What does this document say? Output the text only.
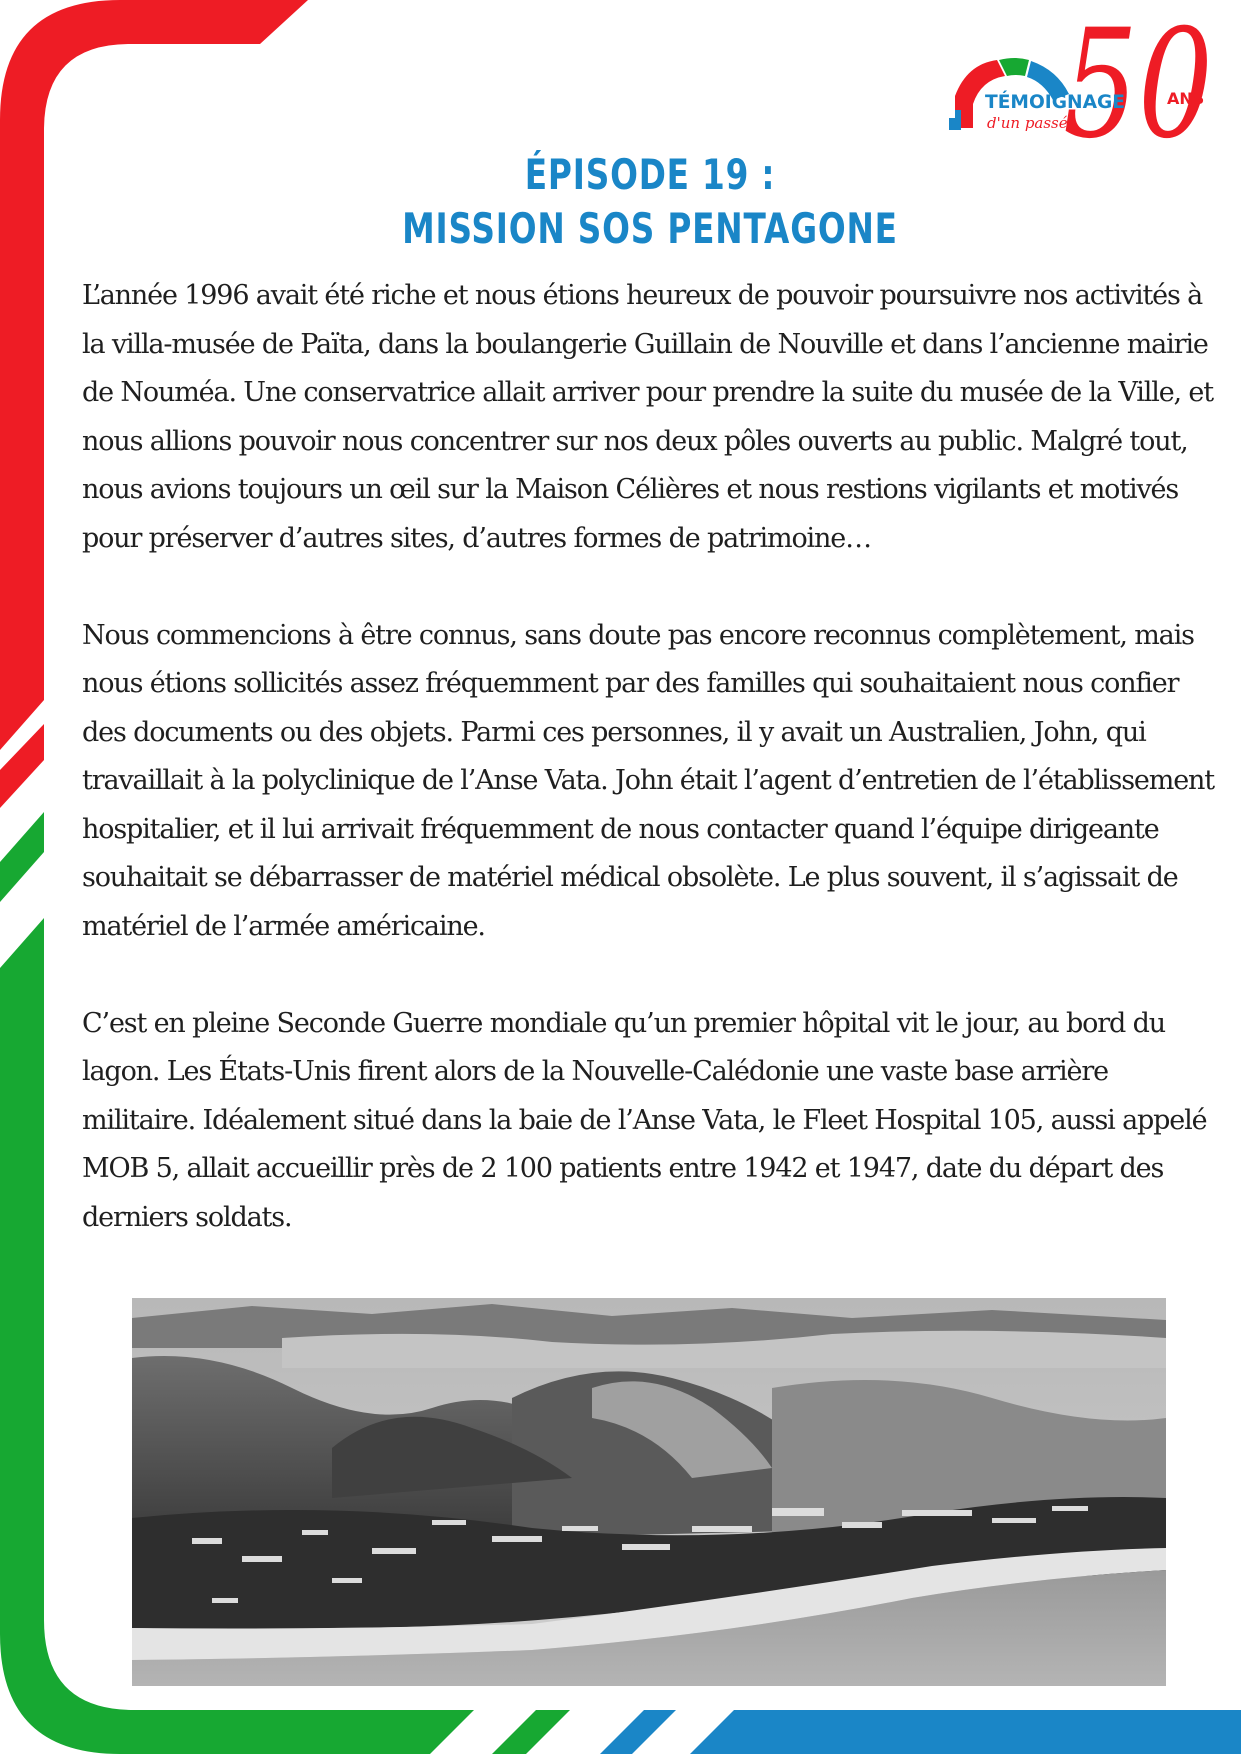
50
TÉMOIGNAGE
d'un passé
ANS
ÉPISODE 19 :
MISSION SOS PENTAGONE

L’année 1996 avait été riche et nous étions heureux de pouvoir poursuivre nos activités à la villa-musée de Païta, dans la boulangerie Guillain de Nouville et dans l’ancienne mairie de Nouméa. Une conservatrice allait arriver pour prendre la suite du musée de la Ville, et nous allions pouvoir nous concentrer sur nos deux pôles ouverts au public. Malgré tout, nous avions toujours un œil sur la Maison Célières et nous restions vigilants et motivés pour préserver d’autres sites, d’autres formes de patrimoine…

Nous commencions à être connus, sans doute pas encore reconnus complètement, mais nous étions sollicités assez fréquemment par des familles qui souhaitaient nous confier des documents ou des objets. Parmi ces personnes, il y avait un Australien, John, qui travaillait à la polyclinique de l’Anse Vata. John était l’agent d’entretien de l’établissement hospitalier, et il lui arrivait fréquemment de nous contacter quand l’équipe dirigeante souhaitait se débarrasser de matériel médical obsolète. Le plus souvent, il s’agissait de matériel de l’armée américaine.

C’est en pleine Seconde Guerre mondiale qu’un premier hôpital vit le jour, au bord du lagon. Les États-Unis firent alors de la Nouvelle-Calédonie une vaste base arrière militaire. Idéalement situé dans la baie de l’Anse Vata, le Fleet Hospital 105, aussi appelé MOB 5, allait accueillir près de 2 100 patients entre 1942 et 1947, date du départ des derniers soldats.
